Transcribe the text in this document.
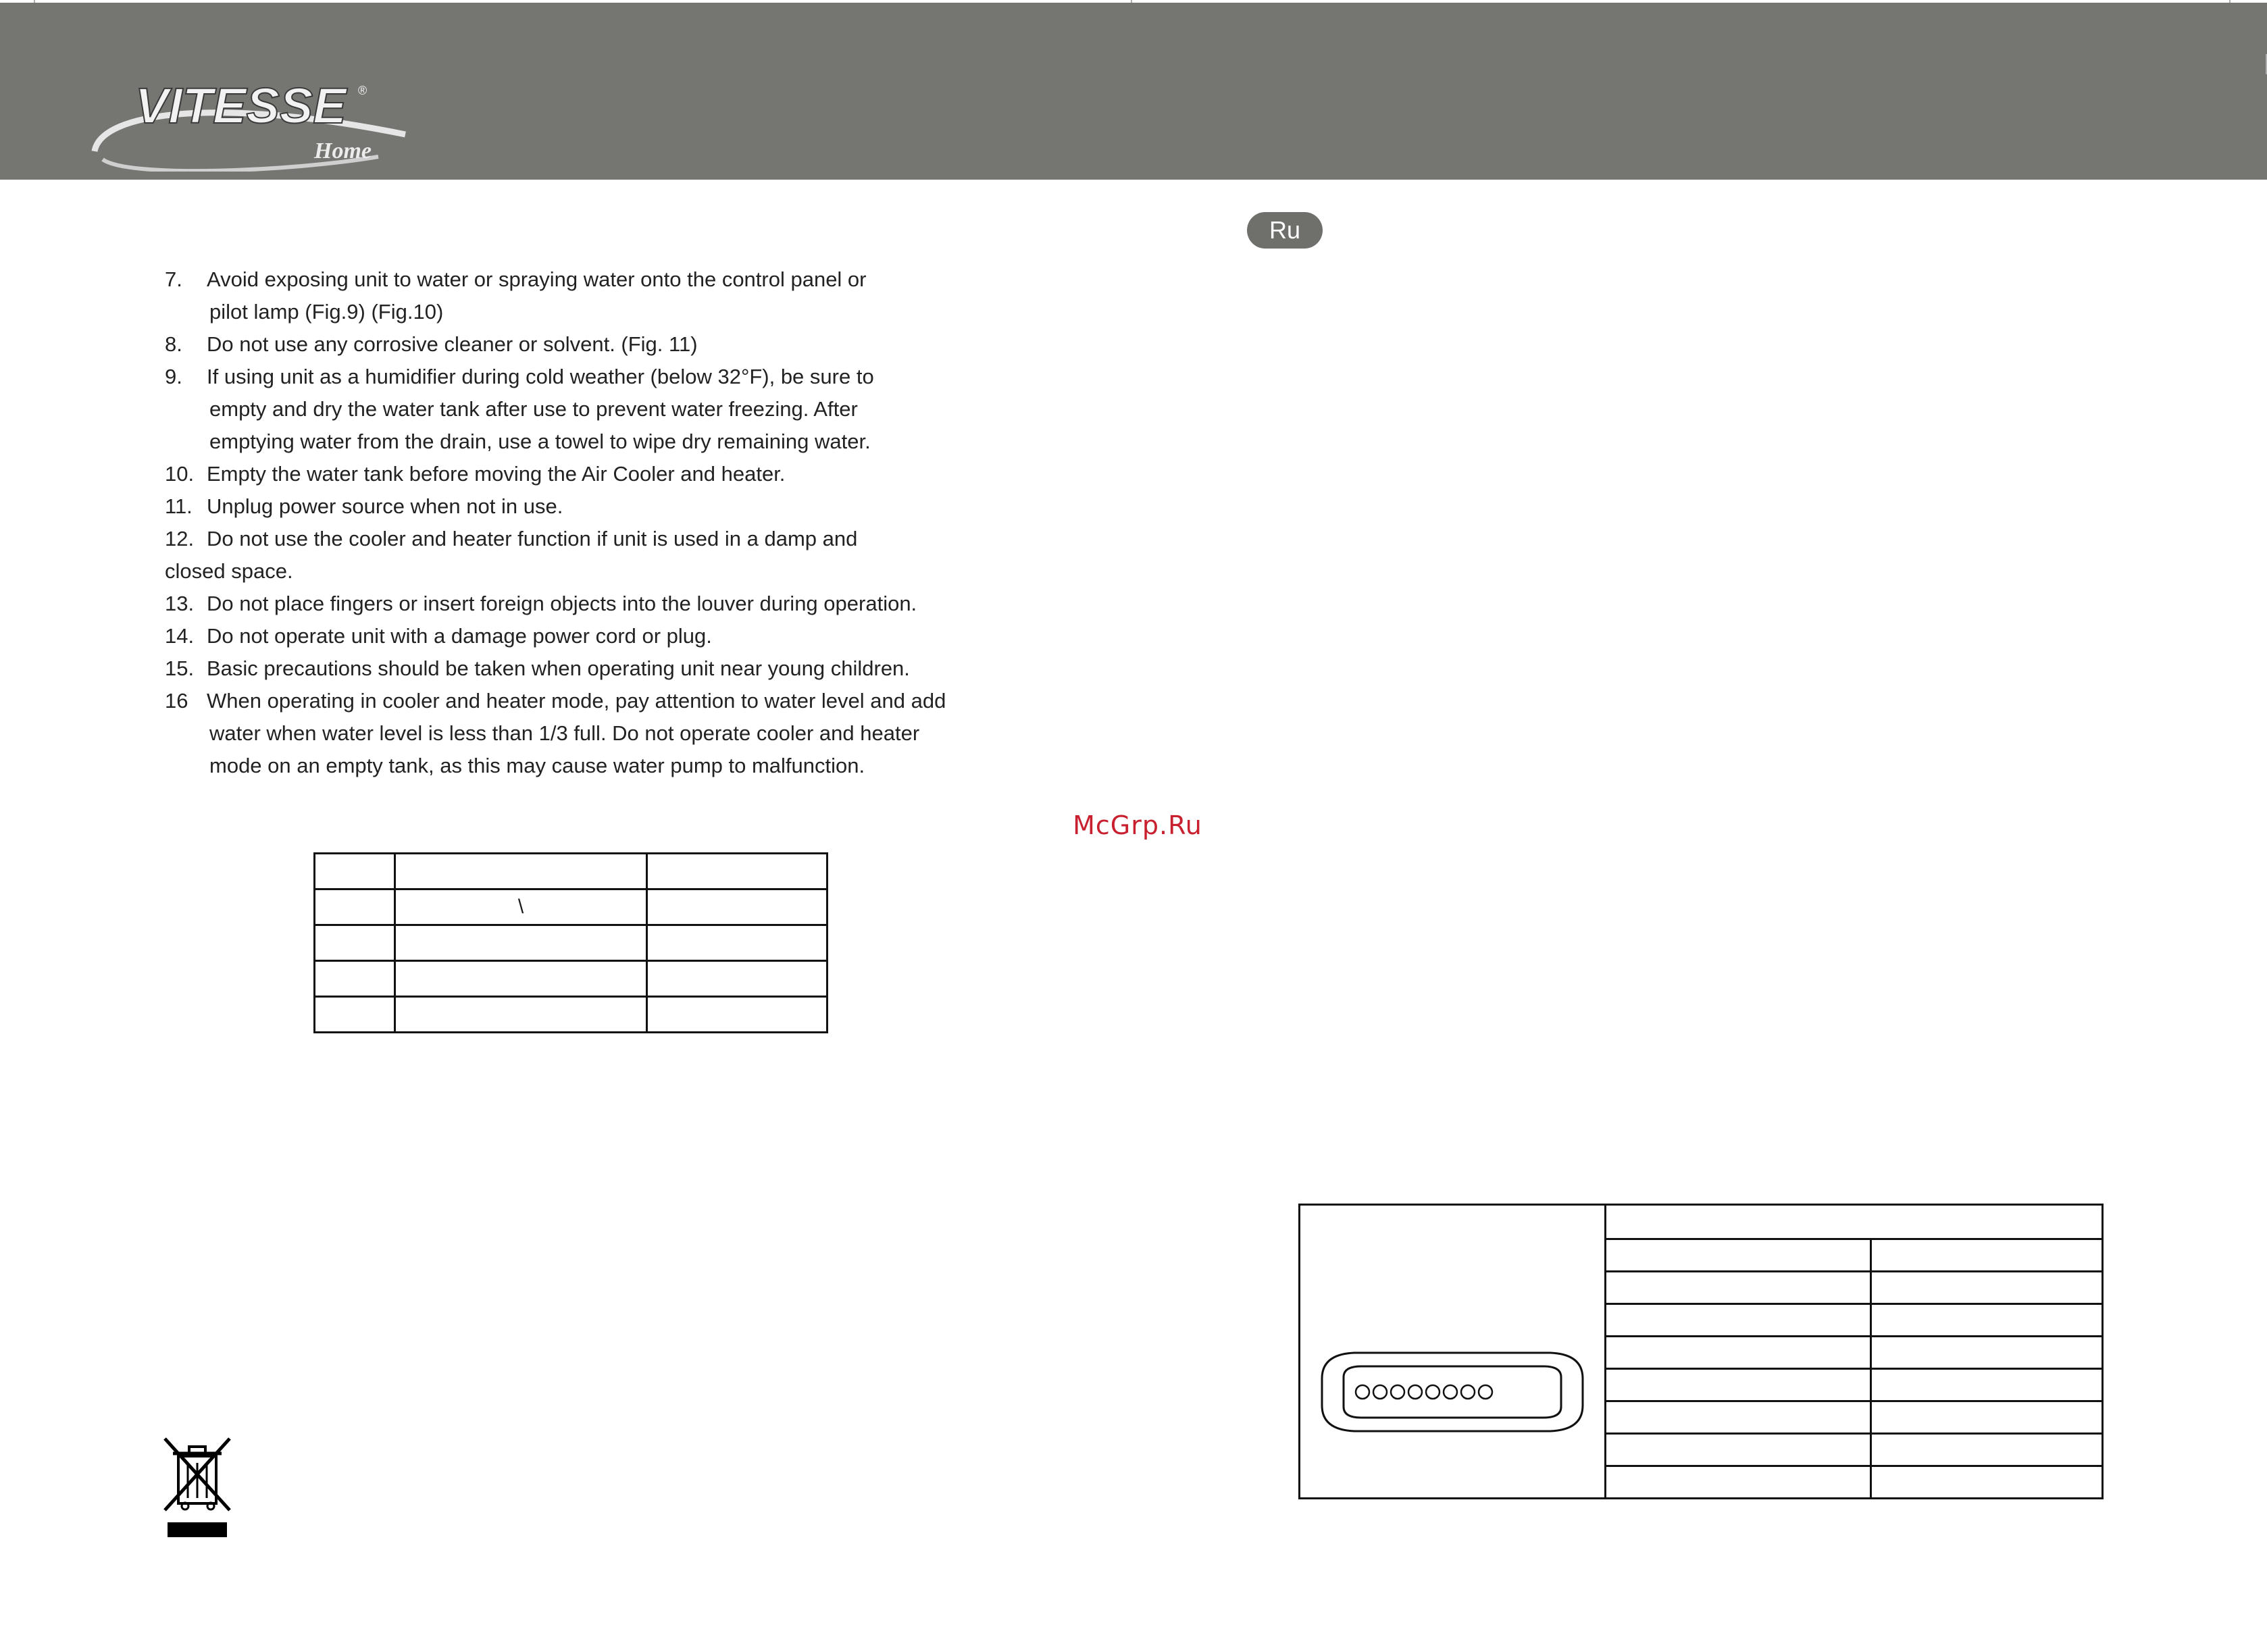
VITESSE ®
Home
Ru
7. Avoid exposing unit to water or spraying water onto the control panel or
pilot lamp (Fig.9) (Fig.10)
8. Do not use any corrosive cleaner or solvent. (Fig. 11)
9. If using unit as a humidifier during cold weather (below 32°F), be sure to
empty and dry the water tank after use to prevent water freezing. After
emptying water from the drain, use a towel to wipe dry remaining water.
10. Empty the water tank before moving the Air Cooler and heater.
11. Unplug power source when not in use.
12. Do not use the cooler and heater function if unit is used in a damp and
closed space.
13. Do not place fingers or insert foreign objects into the louver during operation.
14. Do not operate unit with a damage power cord or plug.
15. Basic precautions should be taken when operating unit near young children.
16 When operating in cooler and heater mode, pay attention to water level and add
water when water level is less than 1/3 full. Do not operate cooler and heater
mode on an empty tank, as this may cause water pump to malfunction.
McGrp.Ru

	\	
